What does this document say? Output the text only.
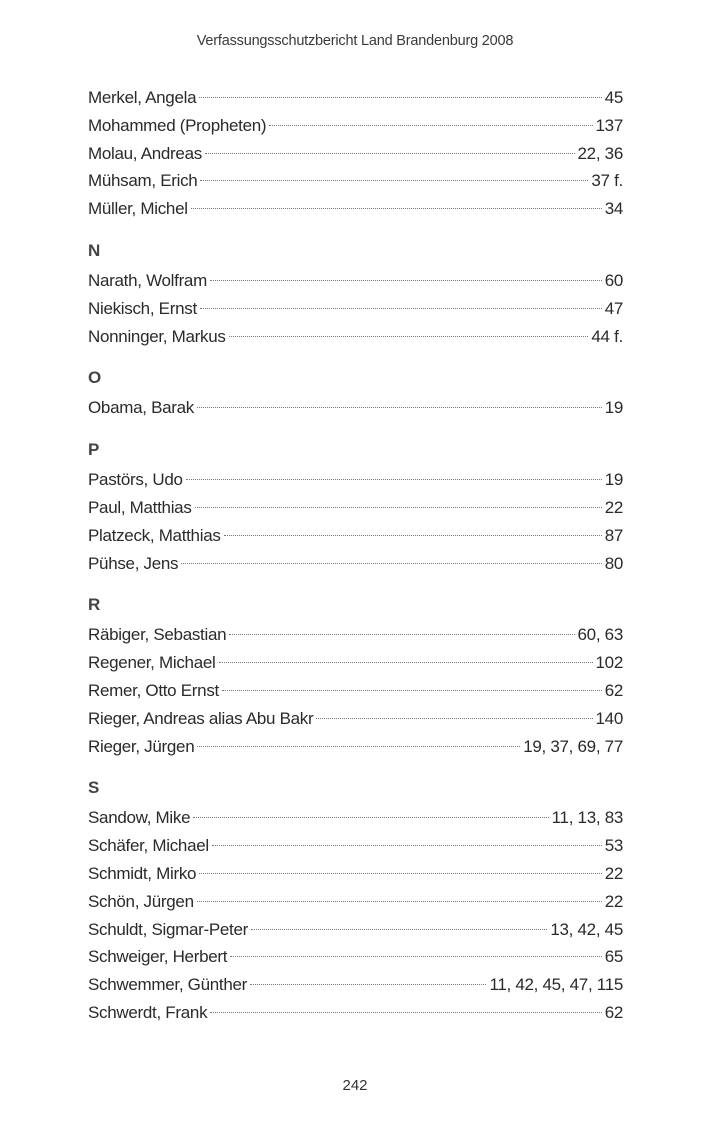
Verfassungsschutzbericht Land Brandenburg 2008
Merkel, Angela	45
Mohammed (Propheten)	137
Molau, Andreas	22, 36
Mühsam, Erich	37 f.
Müller, Michel	34
N
Narath, Wolfram	60
Niekisch, Ernst	47
Nonninger, Markus	44 f.
O
Obama, Barak	19
P
Pastörs, Udo	19
Paul, Matthias	22
Platzeck, Matthias	87
Pühse, Jens	80
R
Räbiger, Sebastian	60, 63
Regener, Michael	102
Remer, Otto Ernst	62
Rieger, Andreas alias Abu Bakr	140
Rieger, Jürgen	19, 37, 69, 77
S
Sandow, Mike	11, 13, 83
Schäfer, Michael	53
Schmidt, Mirko	22
Schön, Jürgen	22
Schuldt, Sigmar-Peter	13, 42, 45
Schweiger, Herbert	65
Schwemmer, Günther	11, 42, 45, 47, 115
Schwerdt, Frank	62
242
